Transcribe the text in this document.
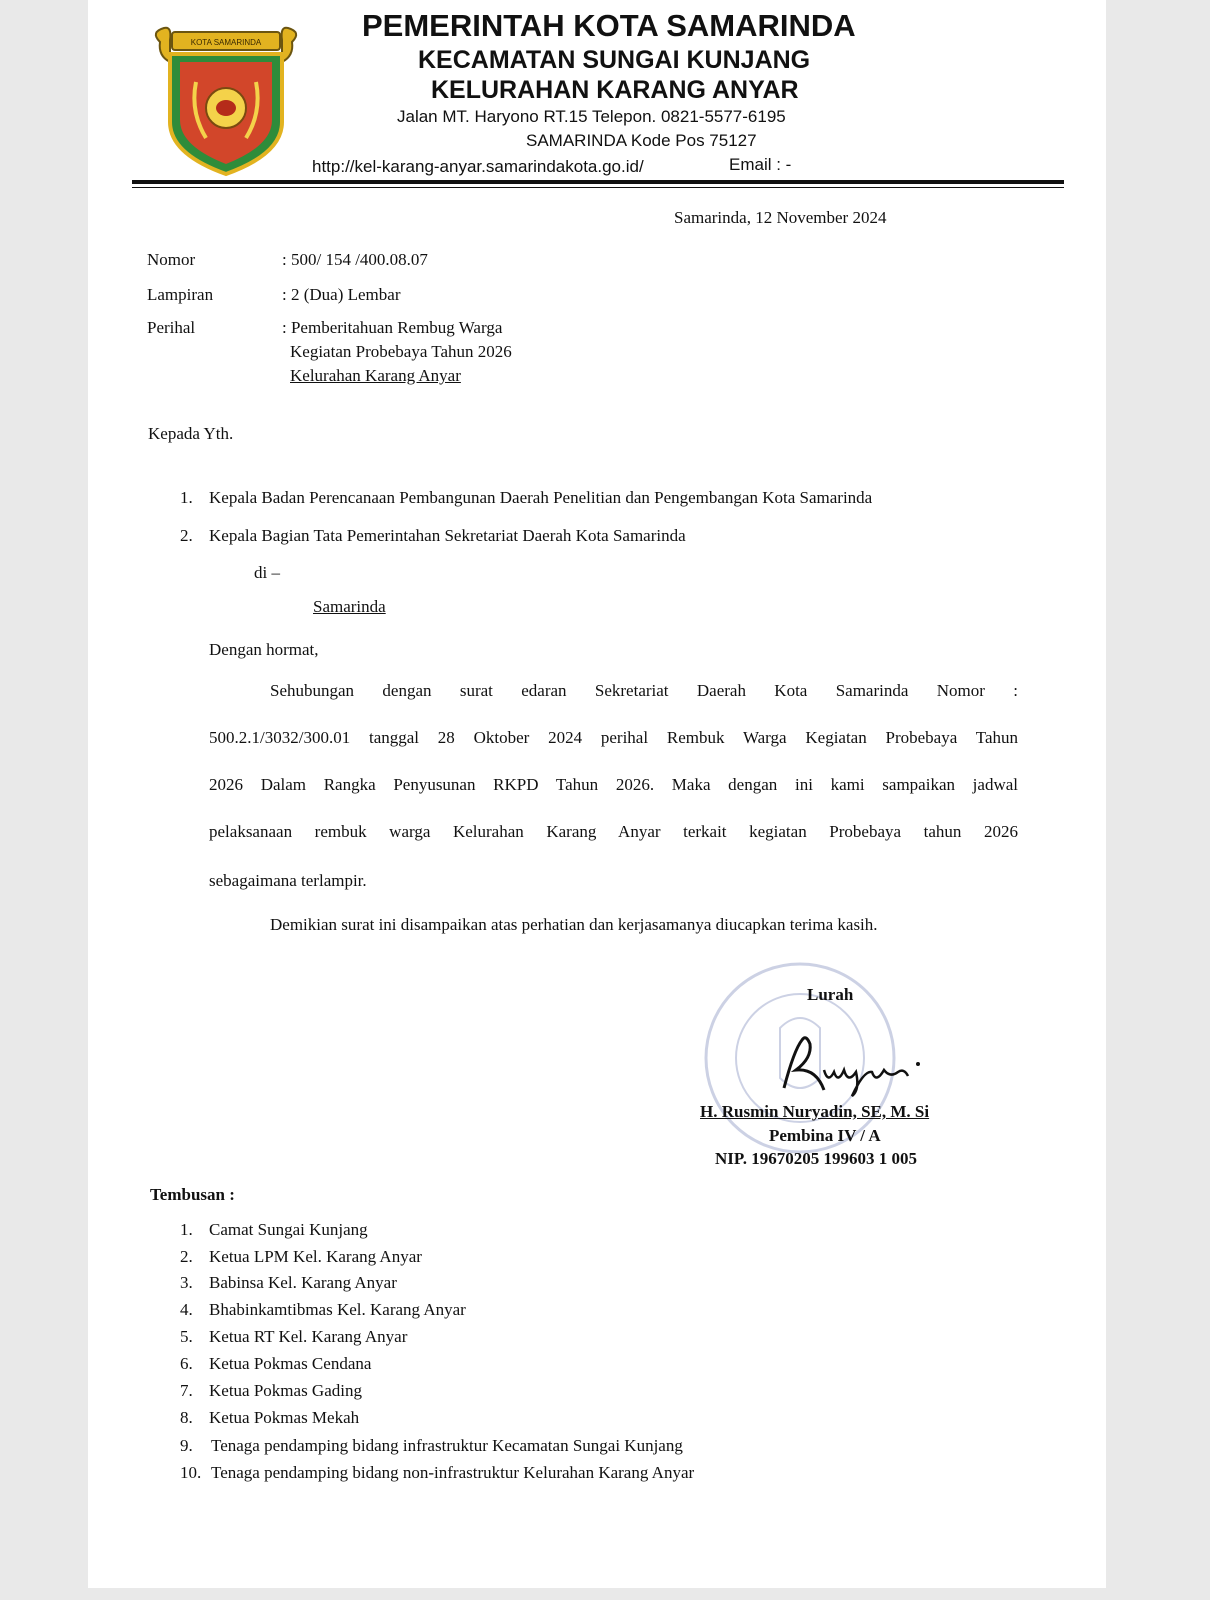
KOTA SAMARINDA	PEMERINTAH KOTA SAMARINDA
KECAMATAN SUNGAI KUNJANG
KELURAHAN KARANG ANYAR
Jalan MT. Haryono RT.15 Telepon. 0821-5577-6195
SAMARINDA Kode Pos 75127
http://kel-karang-anyar.samarindakota.go.id/	Email : -
Samarinda, 12 November 2024
Nomor	: 500/ 154 /400.08.07
Lampiran	: 2 (Dua) Lembar
Perihal	: Pemberitahuan Rembug Warga
Kegiatan Probebaya Tahun 2026
Kelurahan Karang Anyar
Kepada Yth.
1. Kepala Badan Perencanaan Pembangunan Daerah Penelitian dan Pengembangan Kota Samarinda
2. Kepala Bagian Tata Pemerintahan Sekretariat Daerah Kota Samarinda
di –
Samarinda
Dengan hormat,
Sehubungan dengan surat edaran Sekretariat Daerah Kota Samarinda Nomor :
500.2.1/3032/300.01 tanggal 28 Oktober 2024 perihal Rembuk Warga Kegiatan Probebaya Tahun
2026 Dalam Rangka Penyusunan RKPD Tahun 2026. Maka dengan ini kami sampaikan jadwal
pelaksanaan rembuk warga Kelurahan Karang Anyar terkait kegiatan Probebaya tahun 2026
sebagaimana terlampir.
Demikian surat ini disampaikan atas perhatian dan kerjasamanya diucapkan terima kasih.
Lurah
H. Rusmin Nuryadin, SE, M. Si
Pembina IV / A
NIP. 19670205 199603 1 005
Tembusan :
1. Camat Sungai Kunjang
2. Ketua LPM Kel. Karang Anyar
3. Babinsa Kel. Karang Anyar
4. Bhabinkamtibmas Kel. Karang Anyar
5. Ketua RT Kel. Karang Anyar
6. Ketua Pokmas Cendana
7. Ketua Pokmas Gading
8. Ketua Pokmas Mekah
9. Tenaga pendamping bidang infrastruktur Kecamatan Sungai Kunjang
10. Tenaga pendamping bidang non-infrastruktur Kelurahan Karang Anyar
